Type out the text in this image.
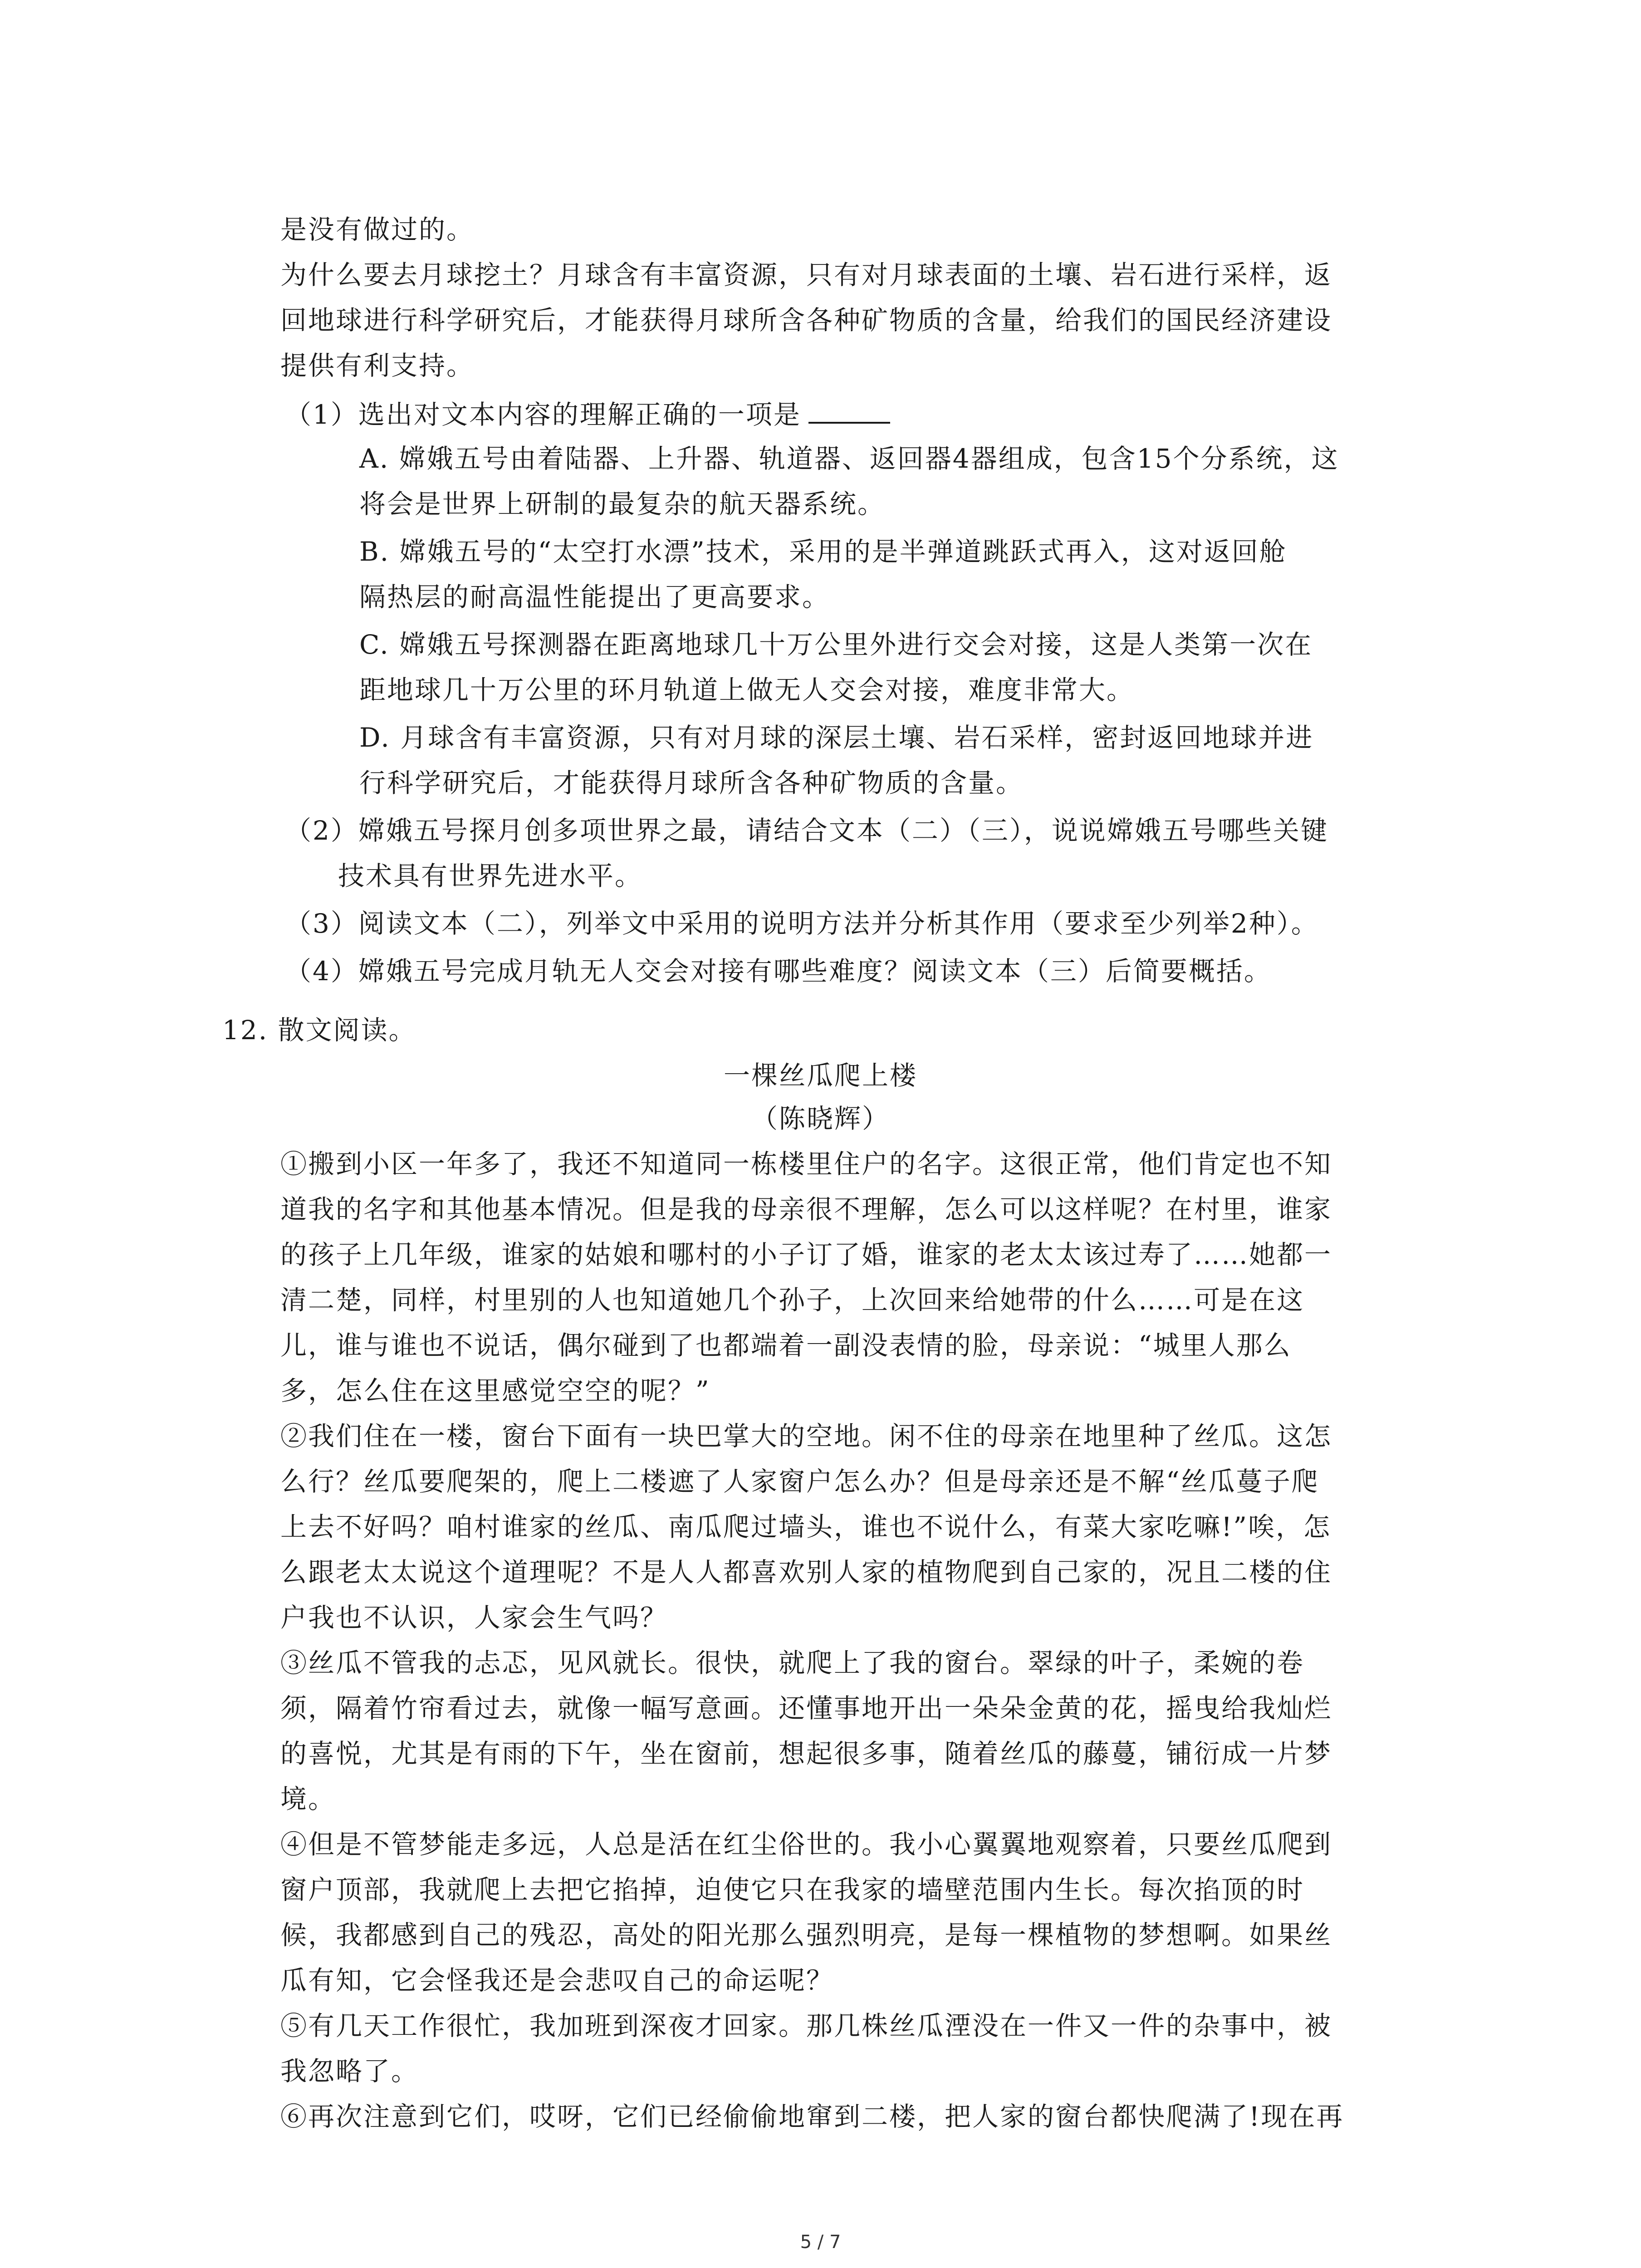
是没有做过的。
为什么要去月球挖土？月球含有丰富资源，只有对月球表面的土壤、岩石进行采样，返
回地球进行科学研究后，才能获得月球所含各种矿物质的含量，给我们的国民经济建设
提供有利支持。
（1）选出对文本内容的理解正确的一项是
A. 嫦娥五号由着陆器、上升器、轨道器、返回器4器组成，包含15个分系统，这
将会是世界上研制的最复杂的航天器系统。
B. 嫦娥五号的“太空打水漂”技术，采用的是半弹道跳跃式再入，这对返回舱
隔热层的耐高温性能提出了更高要求。
C. 嫦娥五号探测器在距离地球几十万公里外进行交会对接，这是人类第一次在
距地球几十万公里的环月轨道上做无人交会对接，难度非常大。
D. 月球含有丰富资源，只有对月球的深层土壤、岩石采样，密封返回地球并进
行科学研究后，才能获得月球所含各种矿物质的含量。
（2）嫦娥五号探月创多项世界之最，请结合文本（二）（三），说说嫦娥五号哪些关键
技术具有世界先进水平。
（3）阅读文本（二），列举文中采用的说明方法并分析其作用（要求至少列举2种）。
（4）嫦娥五号完成月轨无人交会对接有哪些难度？阅读文本（三）后简要概括。
12. 散文阅读。
一棵丝瓜爬上楼
（陈晓辉）
①搬到小区一年多了，我还不知道同一栋楼里住户的名字。这很正常，他们肯定也不知
道我的名字和其他基本情况。但是我的母亲很不理解，怎么可以这样呢？在村里，谁家
的孩子上几年级，谁家的姑娘和哪村的小子订了婚，谁家的老太太该过寿了……她都一
清二楚，同样，村里别的人也知道她几个孙子，上次回来给她带的什么……可是在这
儿，谁与谁也不说话，偶尔碰到了也都端着一副没表情的脸，母亲说：“城里人那么
多，怎么住在这里感觉空空的呢？”
②我们住在一楼，窗台下面有一块巴掌大的空地。闲不住的母亲在地里种了丝瓜。这怎
么行？丝瓜要爬架的，爬上二楼遮了人家窗户怎么办？但是母亲还是不解“丝瓜蔓子爬
上去不好吗？咱村谁家的丝瓜、南瓜爬过墙头，谁也不说什么，有菜大家吃嘛!”唉，怎
么跟老太太说这个道理呢？不是人人都喜欢别人家的植物爬到自己家的，况且二楼的住
户我也不认识，人家会生气吗？
③丝瓜不管我的忐忑，见风就长。很快，就爬上了我的窗台。翠绿的叶子，柔婉的卷
须，隔着竹帘看过去，就像一幅写意画。还懂事地开出一朵朵金黄的花，摇曳给我灿烂
的喜悦，尤其是有雨的下午，坐在窗前，想起很多事，随着丝瓜的藤蔓，铺衍成一片梦
境。
④但是不管梦能走多远，人总是活在红尘俗世的。我小心翼翼地观察着，只要丝瓜爬到
窗户顶部，我就爬上去把它掐掉，迫使它只在我家的墙壁范围内生长。每次掐顶的时
候，我都感到自己的残忍，高处的阳光那么强烈明亮，是每一棵植物的梦想啊。如果丝
瓜有知，它会怪我还是会悲叹自己的命运呢？
⑤有几天工作很忙，我加班到深夜才回家。那几株丝瓜湮没在一件又一件的杂事中，被
我忽略了。
⑥再次注意到它们，哎呀，它们已经偷偷地窜到二楼，把人家的窗台都快爬满了!现在再
5 / 7
